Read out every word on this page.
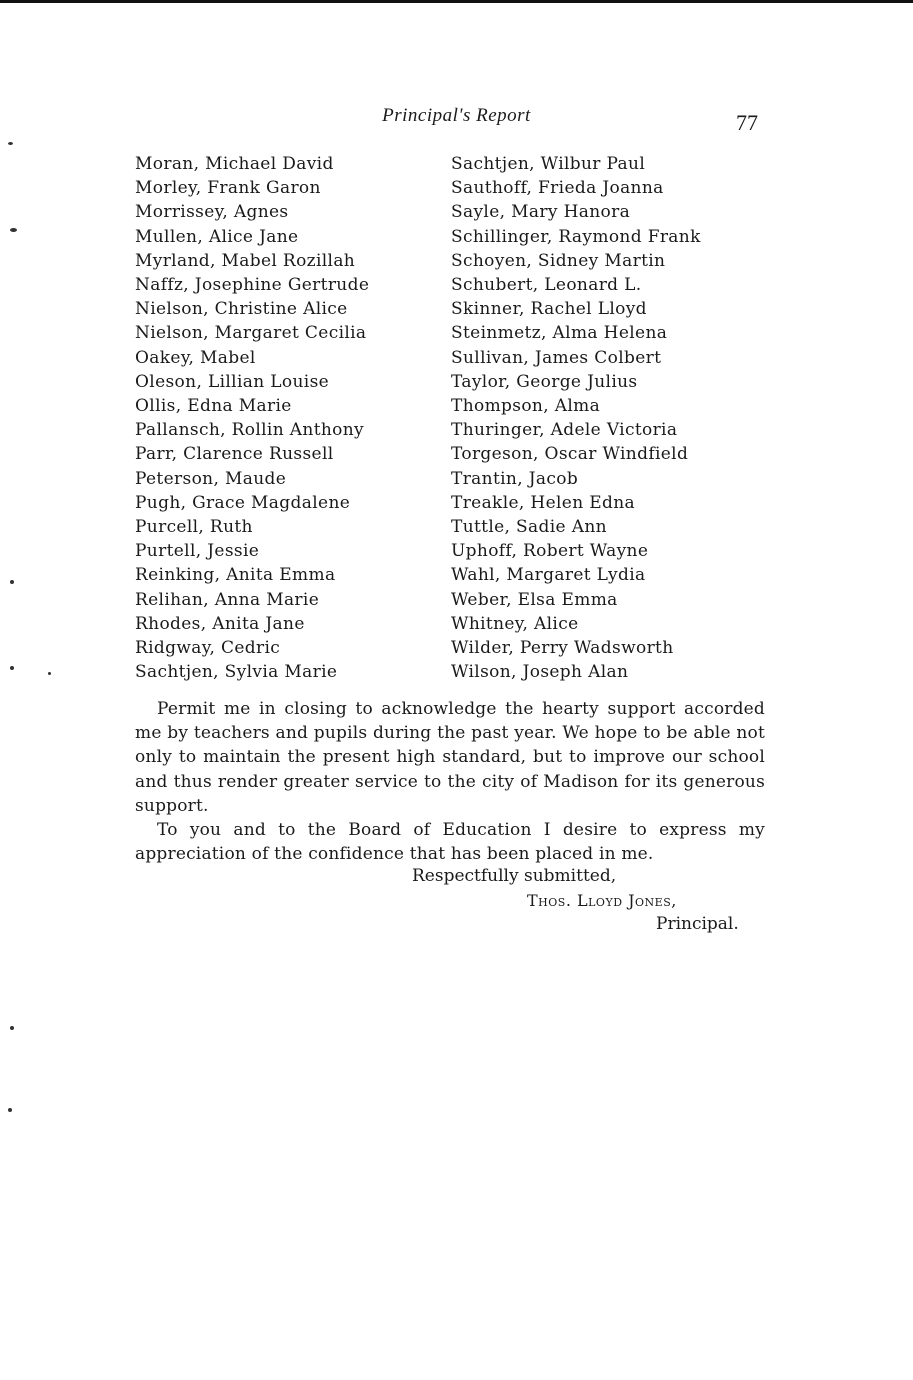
Principal's Report	77
Moran, Michael David
Morley, Frank Garon
Morrissey, Agnes
Mullen, Alice Jane
Myrland, Mabel Rozillah
Naffz, Josephine Gertrude
Nielson, Christine Alice
Nielson, Margaret Cecilia
Oakey, Mabel
Oleson, Lillian Louise
Ollis, Edna Marie
Pallansch, Rollin Anthony
Parr, Clarence Russell
Peterson, Maude
Pugh, Grace Magdalene
Purcell, Ruth
Purtell, Jessie
Reinking, Anita Emma
Relihan, Anna Marie
Rhodes, Anita Jane
Ridgway, Cedric
Sachtjen, Sylvia Marie
Sachtjen, Wilbur Paul
Sauthoff, Frieda Joanna
Sayle, Mary Hanora
Schillinger, Raymond Frank
Schoyen, Sidney Martin
Schubert, Leonard L.
Skinner, Rachel Lloyd
Steinmetz, Alma Helena
Sullivan, James Colbert
Taylor, George Julius
Thompson, Alma
Thuringer, Adele Victoria
Torgeson, Oscar Windfield
Trantin, Jacob
Treakle, Helen Edna
Tuttle, Sadie Ann
Uphoff, Robert Wayne
Wahl, Margaret Lydia
Weber, Elsa Emma
Whitney, Alice
Wilder, Perry Wadsworth
Wilson, Joseph Alan

Permit me in closing to acknowledge the hearty support accorded me by teachers and pupils during the past year. We hope to be able not only to maintain the present high standard, but to improve our school and thus render greater service to the city of Madison for its generous support.

To you and to the Board of Education I desire to express my appreciation of the confidence that has been placed in me.

Respectfully submitted,
Thos. Lloyd Jones,
Principal.
